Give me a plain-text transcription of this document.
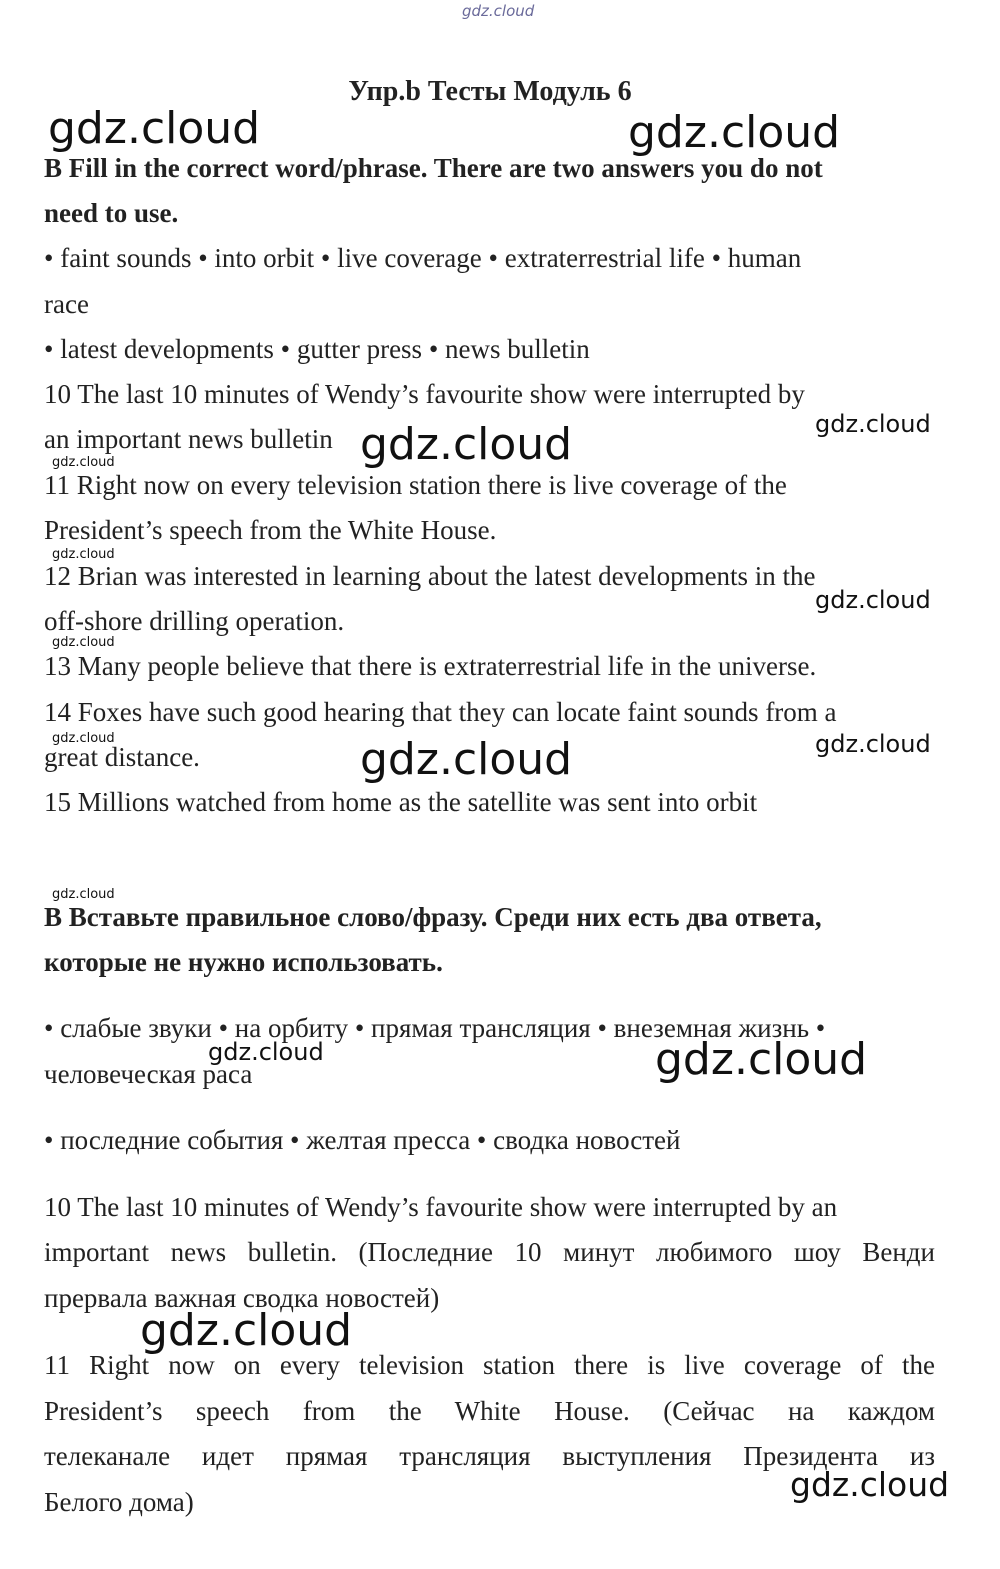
gdz.cloud
gdz.cloud	gdz.cloud
gdz.cloud	gdz.cloud
gdz.cloud
gdz.cloud
gdz.cloud
gdz.cloud
gdz.cloud	gdz.cloud
gdz.cloud
gdz.cloud
gdz.cloud	gdz.cloud
gdz.cloud
gdz.cloud
Упр.b Тесты Модуль 6
B Fill in the correct word/phrase. There are two answers you do not
need to use.
• faint sounds • into orbit • live coverage • extraterrestrial life • human
race
• latest developments • gutter press • news bulletin
10 The last 10 minutes of Wendy’s favourite show were interrupted by
an important news bulletin
11 Right now on every television station there is live coverage of the
President’s speech from the White House.
12 Brian was interested in learning about the latest developments in the
off-shore drilling operation.
13 Many people believe that there is extraterrestrial life in the universe.
14 Foxes have such good hearing that they can locate faint sounds from a
great distance.
15 Millions watched from home as the satellite was sent into orbit
B Вставьте правильное слово/фразу. Среди них есть два ответа,
которые не нужно использовать.
• слабые звуки • на орбиту • прямая трансляция • внеземная жизнь •
человеческая раса
• последние события • желтая пресса • сводка новостей
10 The last 10 minutes of Wendy’s favourite show were interrupted by an
important news bulletin. (Последние 10 минут любимого шоу Венди
прервала важная сводка новостей)
11 Right now on every television station there is live coverage of the
President’s speech from the White House. (Сейчас на каждом
телеканале идет прямая трансляция выступления Президента из
Белого дома)
